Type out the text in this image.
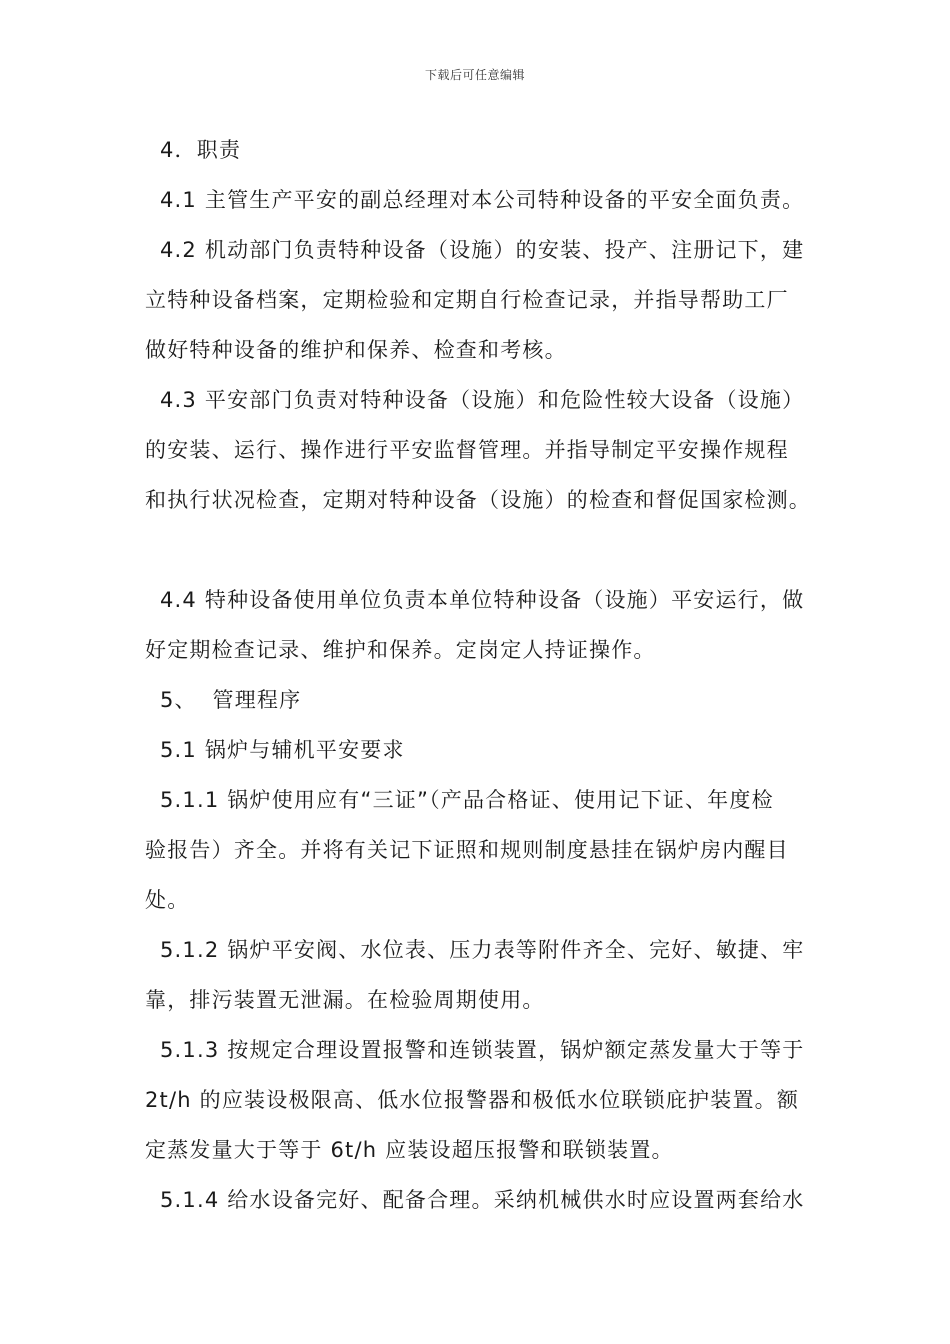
下载后可任意编辑
4．职责
4.1 主管生产平安的副总经理对本公司特种设备的平安全面负责。
4.2 机动部门负责特种设备（设施）的安装、投产、注册记下，建
立特种设备档案，定期检验和定期自行检查记录，并指导帮助工厂
做好特种设备的维护和保养、检查和考核。
4.3 平安部门负责对特种设备（设施）和危险性较大设备（设施）
的安装、运行、操作进行平安监督管理。并指导制定平安操作规程
和执行状况检查，定期对特种设备（设施）的检查和督促国家检测。
4.4 特种设备使用单位负责本单位特种设备（设施）平安运行，做
好定期检查记录、维护和保养。定岗定人持证操作。
5、  管理程序
5.1 锅炉与辅机平安要求
5.1.1 锅炉使用应有“三证”（产品合格证、使用记下证、年度检
验报告）齐全。并将有关记下证照和规则制度悬挂在锅炉房内醒目
处。
5.1.2 锅炉平安阀、水位表、压力表等附件齐全、完好、敏捷、牢
靠，排污装置无泄漏。在检验周期使用。
5.1.3 按规定合理设置报警和连锁装置，锅炉额定蒸发量大于等于
2t/h 的应装设极限高、低水位报警器和极低水位联锁庇护装置。额
定蒸发量大于等于 6t/h 应装设超压报警和联锁装置。
5.1.4 给水设备完好、配备合理。采纳机械供水时应设置两套给水
